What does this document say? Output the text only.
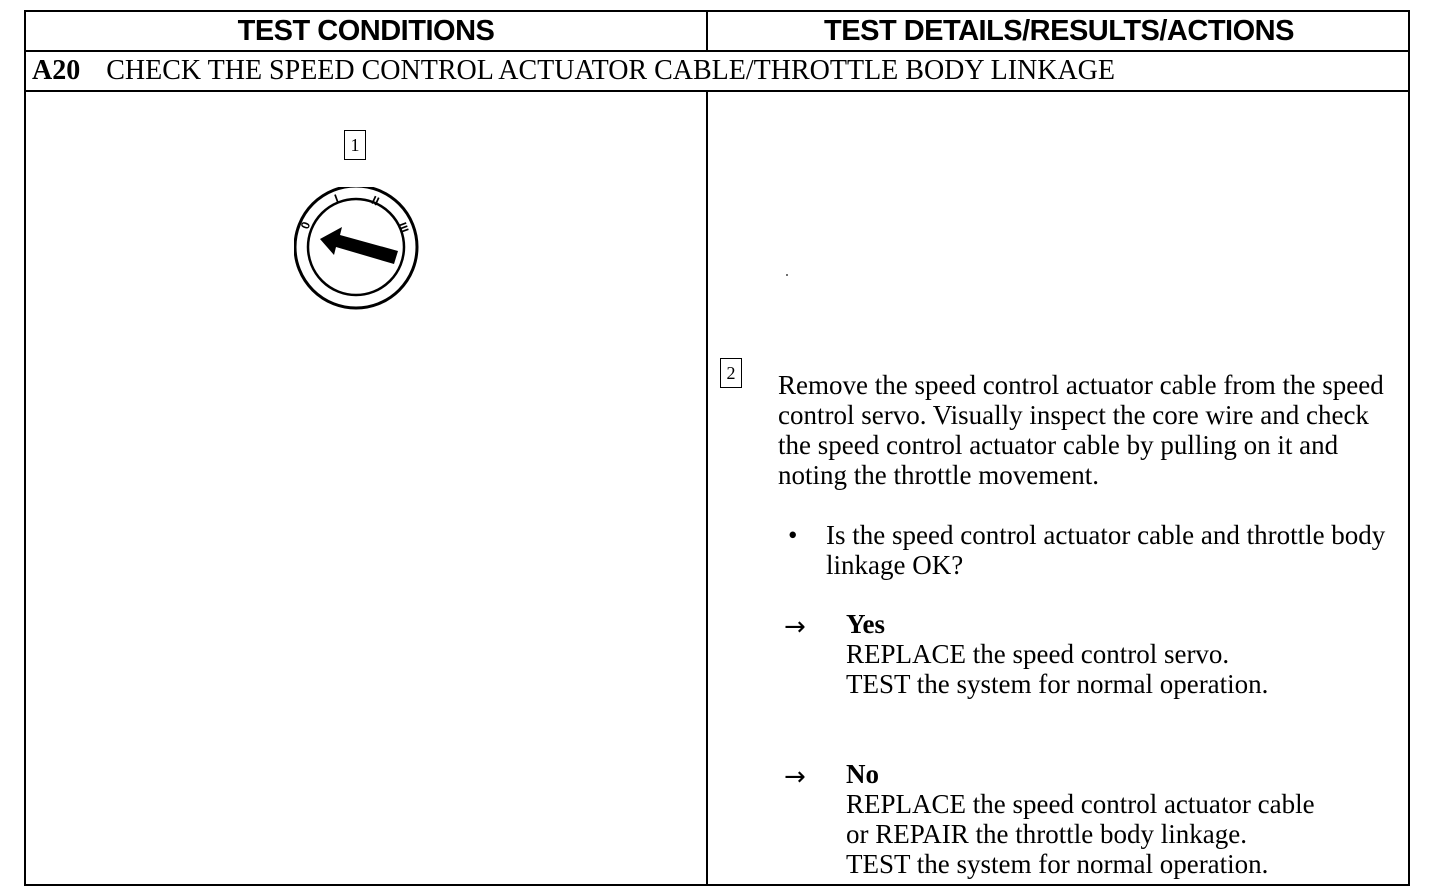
TEST CONDITIONS	TEST DETAILS/RESULTS/ACTIONS
A20 CHECK THE SPEED CONTROL ACTUATOR CABLE/THROTTLE BODY LINKAGE
1
0
I II
III
2 Remove the speed control actuator cable from the speed control servo. Visually inspect the core wire and check the speed control actuator cable by pulling on it and noting the throttle movement.
• Is the speed control actuator cable and throttle body linkage OK?
→ Yes
REPLACE the speed control servo.
TEST the system for normal operation.
→ No
REPLACE the speed control actuator cable
or REPAIR the throttle body linkage.
TEST the system for normal operation.
